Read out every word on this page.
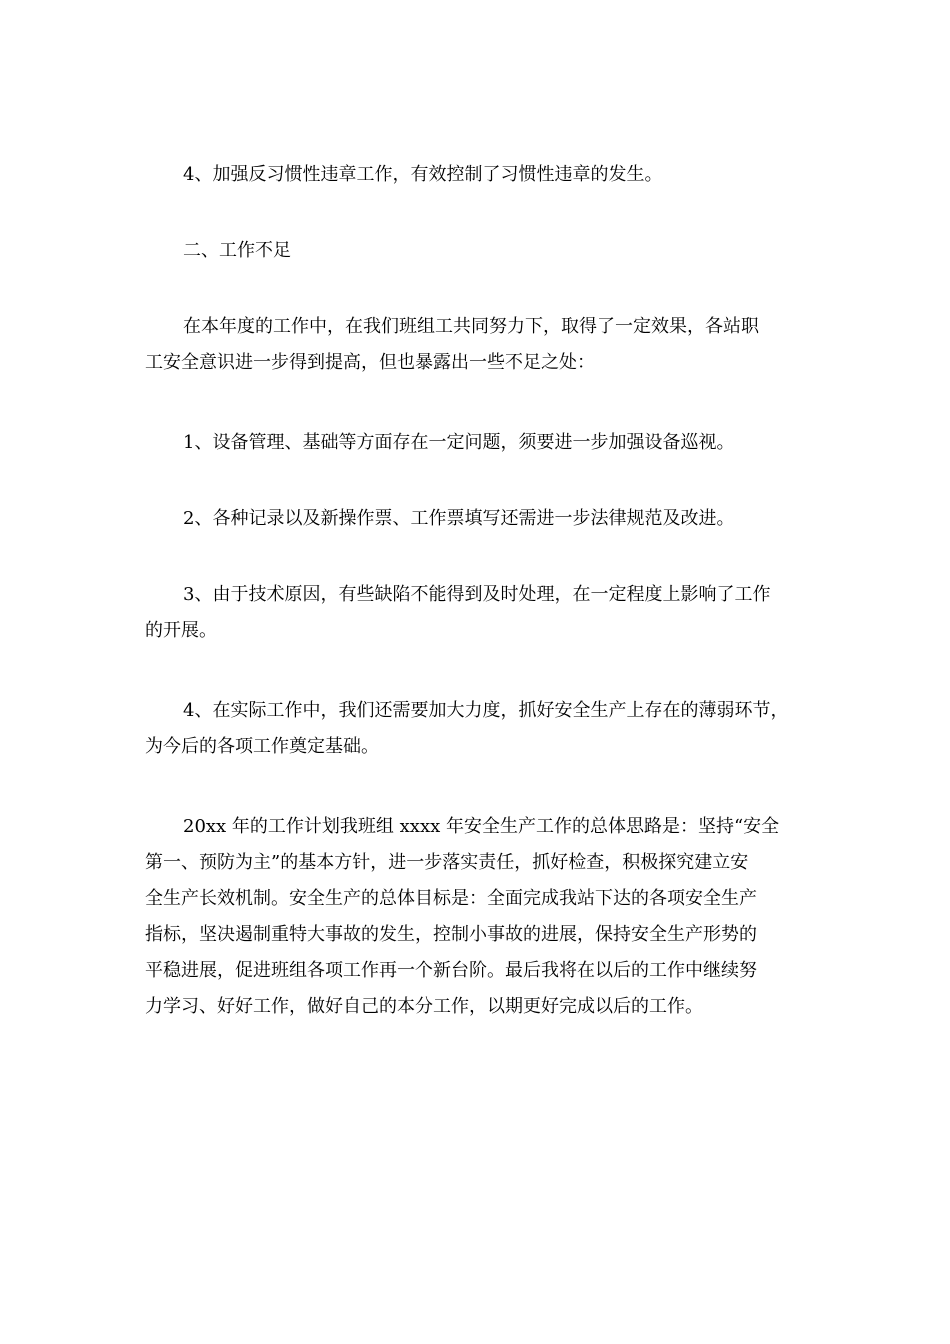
4、加强反习惯性违章工作，有效控制了习惯性违章的发生。

二、工作不足

在本年度的工作中，在我们班组工共同努力下，取得了一定效果，各站职
工安全意识进一步得到提高，但也暴露出一些不足之处：

1、设备管理、基础等方面存在一定问题，须要进一步加强设备巡视。

2、各种记录以及新操作票、工作票填写还需进一步法律规范及改进。

3、由于技术原因，有些缺陷不能得到及时处理，在一定程度上影响了工作
的开展。

4、在实际工作中，我们还需要加大力度，抓好安全生产上存在的薄弱环节，
为今后的各项工作奠定基础。

20xx 年的工作计划我班组 xxxx 年安全生产工作的总体思路是：坚持“安全
第一、预防为主”的基本方针，进一步落实责任，抓好检查，积极探究建立安
全生产长效机制。安全生产的总体目标是：全面完成我站下达的各项安全生产
指标，坚决遏制重特大事故的发生，控制小事故的进展，保持安全生产形势的
平稳进展，促进班组各项工作再一个新台阶。最后我将在以后的工作中继续努
力学习、好好工作，做好自己的本分工作，以期更好完成以后的工作。
